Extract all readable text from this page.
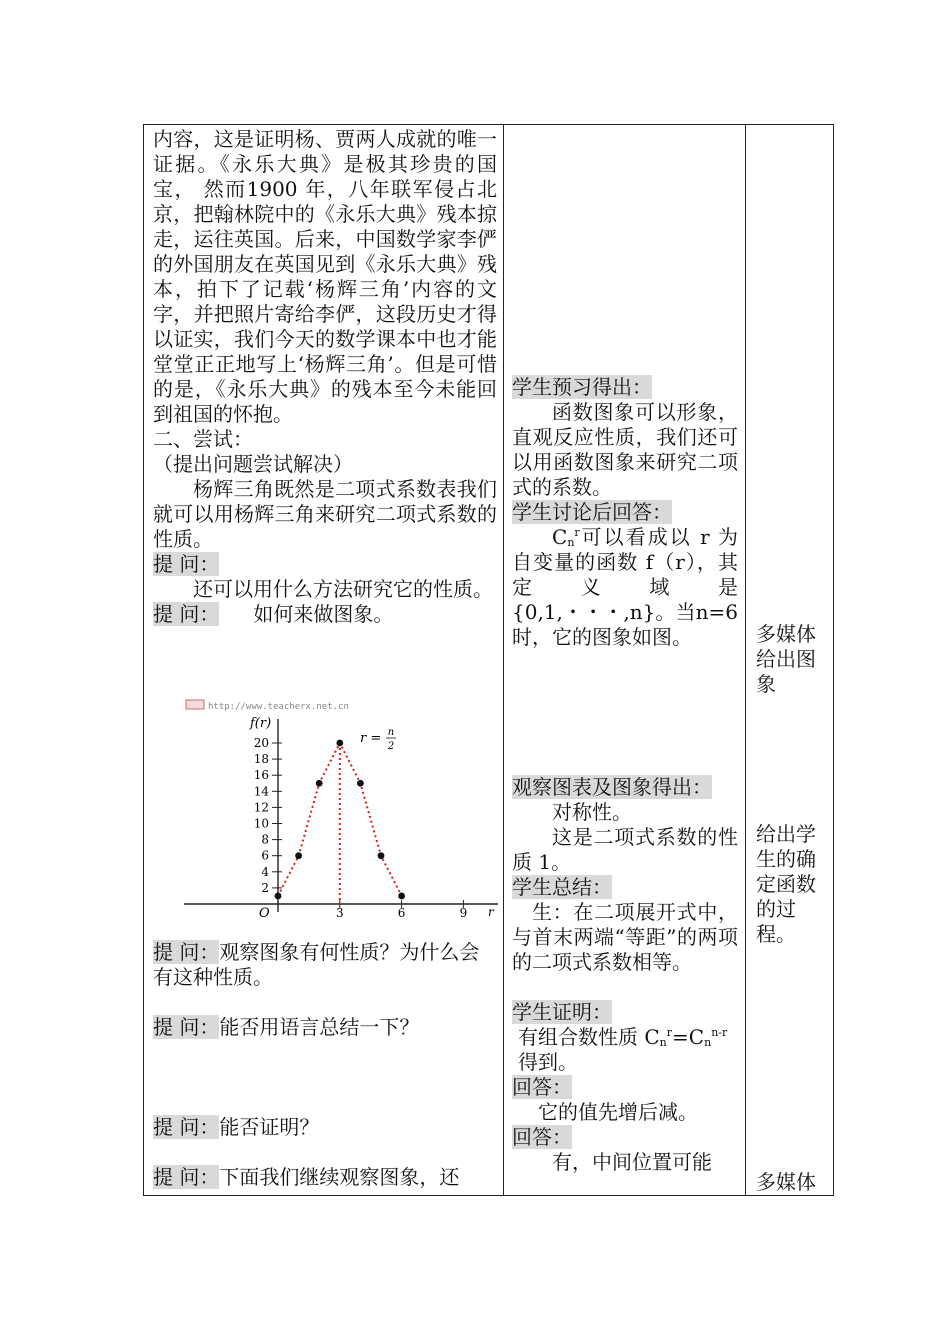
内容，这是证明杨、贾两人成就的唯一证据。《永乐大典》是极其珍贵的国宝， 然而1900 年，八年联军侵占北京，把翰林院中的《永乐大典》残本掠走，运往英国。后来，中国数学家李俨的外国朋友在英国见到《永乐大典》残本，拍下了记载‘杨辉三角’内容的文字，并把照片寄给李俨，这段历史才得以证实，我们今天的数学课本中也才能堂堂正正地写上‘杨辉三角’。但是可惜的是，《永乐大典》的残本至今未能回到祖国的怀抱。

二、尝试：

（提出问题尝试解决）

杨辉三角既然是二项式系数表我们就可以用杨辉三角来研究二项式系数的性质。

提 问：

还可以用什么方法研究它的性质。

提 问： 如何来做图象。

提 问：观察图象有何性质？为什么会有这种性质。

提 问：能否用语言总结一下？

提 问：能否证明？

提 问：下面我们继续观察图象，还

http://www.teacherx.net.cn
f(r)
r
O
2
4
6
8
10
12
14
16
18
20
3	6	9
r = n
2

学生预习得出：

函数图象可以形象，直观反应性质，我们还可以用函数图象来研究二项式的系数。

学生讨论后回答：

$C_n^r$可以看成以 r 为自变量的函数 f（r），其定义域是{0,1,・・・,n}。当n=6 时，它的图象如图。

观察图表及图象得出：

对称性。

这是二项式系数的性质 1。

学生总结：

生：在二项展开式中，与首末两端“等距”的两项的二项式系数相等。

学生证明：

有组合数性质 $C_n^r=C_n^{n-r}$
得到。

回答：

它的值先增后减。

回答：

有，中间位置可能

多媒体给出图象
给出学生的确定函数的过程。
多媒体
